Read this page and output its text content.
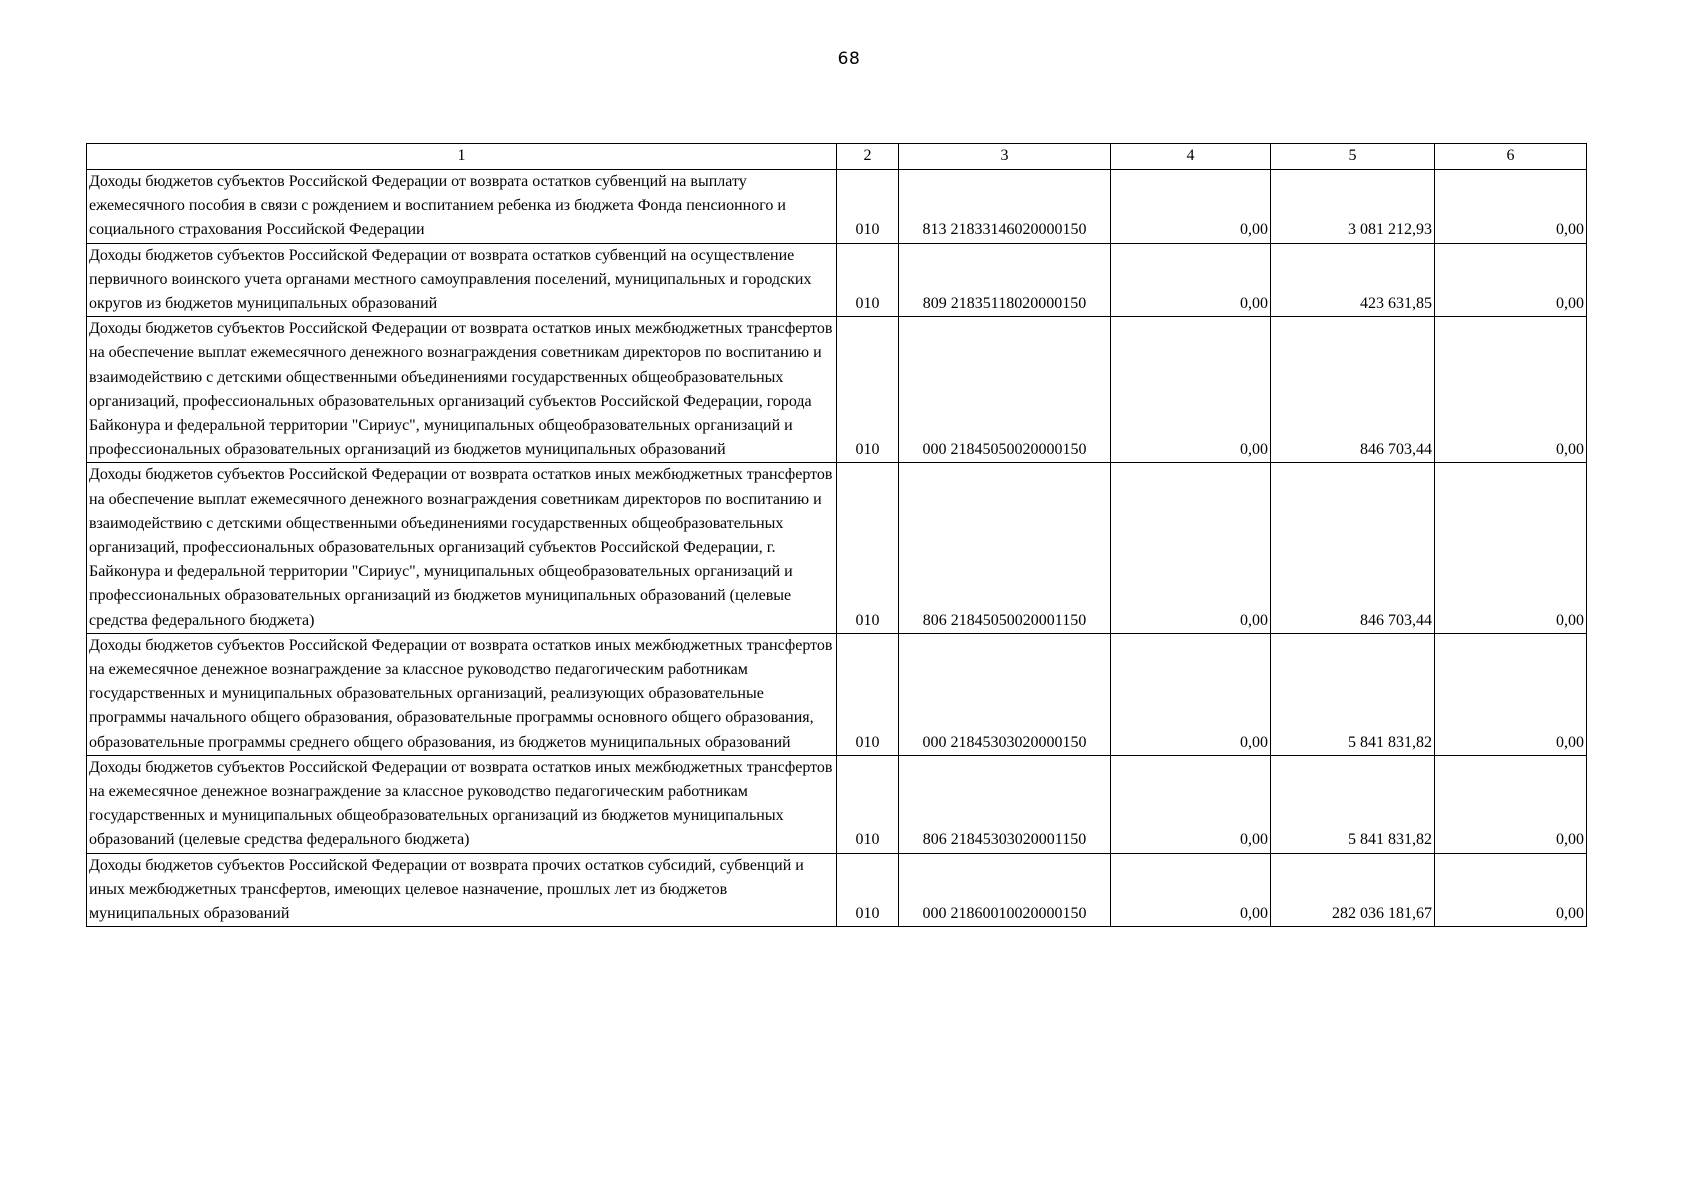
68
1	2	3	4	5	6
Доходы бюджетов субъектов Российской Федерации от возврата остатков субвенций на выплату ежемесячного пособия в связи с рождением и воспитанием ребенка из бюджета Фонда пенсионного и социального страхования Российской Федерации	010	813 21833146020000150	0,00	3 081 212,93	0,00
Доходы бюджетов субъектов Российской Федерации от возврата остатков субвенций на осуществление первичного воинского учета органами местного самоуправления поселений, муниципальных и городских округов из бюджетов муниципальных образований	010	809 21835118020000150	0,00	423 631,85	0,00
Доходы бюджетов субъектов Российской Федерации от возврата остатков иных межбюджетных трансфертов на обеспечение выплат ежемесячного денежного вознаграждения советникам директоров по воспитанию и взаимодействию с детскими общественными объединениями государственных общеобразовательных организаций, профессиональных образовательных организаций субъектов Российской Федерации, города Байконура и федеральной территории "Сириус", муниципальных общеобразовательных организаций и профессиональных образовательных организаций из бюджетов муниципальных образований	010	000 21845050020000150	0,00	846 703,44	0,00
Доходы бюджетов субъектов Российской Федерации от возврата остатков иных межбюджетных трансфертов на обеспечение выплат ежемесячного денежного вознаграждения советникам директоров по воспитанию и взаимодействию с детскими общественными объединениями государственных общеобразовательных организаций, профессиональных образовательных организаций субъектов Российской Федерации, г. Байконура и федеральной территории "Сириус", муниципальных общеобразовательных организаций и профессиональных образовательных организаций из бюджетов муниципальных образований (целевые средства федерального бюджета)	010	806 21845050020001150	0,00	846 703,44	0,00
Доходы бюджетов субъектов Российской Федерации от возврата остатков иных межбюджетных трансфертов на ежемесячное денежное вознаграждение за классное руководство педагогическим работникам государственных и муниципальных образовательных организаций, реализующих образовательные программы начального общего образования, образовательные программы основного общего образования, образовательные программы среднего общего образования, из бюджетов муниципальных образований	010	000 21845303020000150	0,00	5 841 831,82	0,00
Доходы бюджетов субъектов Российской Федерации от возврата остатков иных межбюджетных трансфертов на ежемесячное денежное вознаграждение за классное руководство педагогическим работникам государственных и муниципальных общеобразовательных организаций из бюджетов муниципальных образований (целевые средства федерального бюджета)	010	806 21845303020001150	0,00	5 841 831,82	0,00
Доходы бюджетов субъектов Российской Федерации от возврата прочих остатков субсидий, субвенций и иных межбюджетных трансфертов, имеющих целевое назначение, прошлых лет из бюджетов муниципальных образований	010	000 21860010020000150	0,00	282 036 181,67	0,00
